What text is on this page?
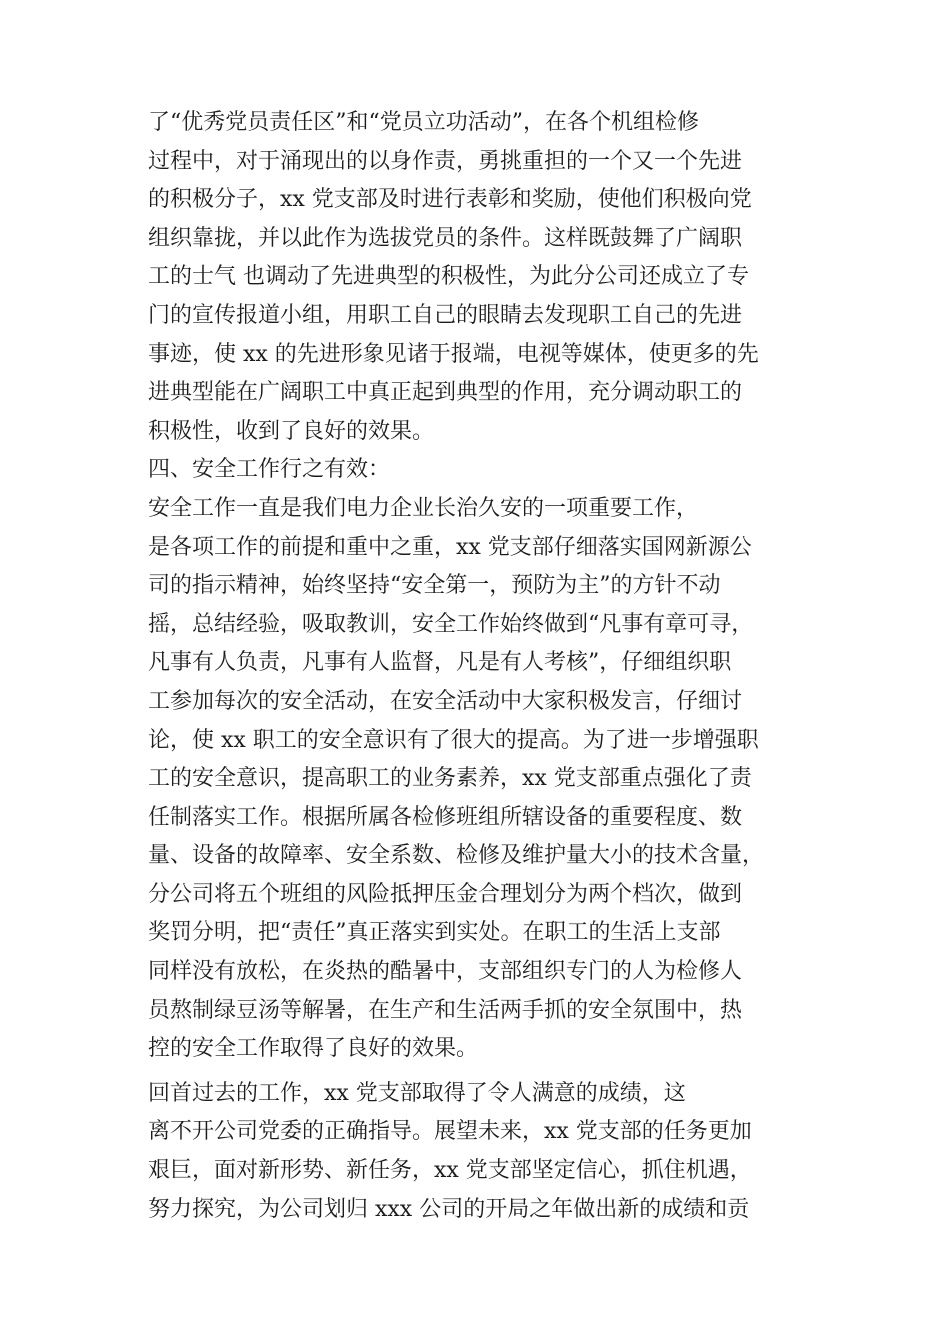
了“优秀党员责任区”和“党员立功活动”，在各个机组检修
过程中，对于涌现出的以身作责，勇挑重担的一个又一个先进
的积极分子，xx 党支部及时进行表彰和奖励，使他们积极向党
组织靠拢，并以此作为选拔党员的条件。这样既鼓舞了广阔职
工的士气 也调动了先进典型的积极性，为此分公司还成立了专
门的宣传报道小组，用职工自己的眼睛去发现职工自己的先进
事迹，使 xx 的先进形象见诸于报端，电视等媒体，使更多的先
进典型能在广阔职工中真正起到典型的作用，充分调动职工的
积极性，收到了良好的效果。
四、安全工作行之有效：
安全工作一直是我们电力企业长治久安的一项重要工作，
是各项工作的前提和重中之重，xx 党支部仔细落实国网新源公
司的指示精神，始终坚持“安全第一，预防为主”的方针不动
摇，总结经验，吸取教训，安全工作始终做到“凡事有章可寻，
凡事有人负责，凡事有人监督，凡是有人考核”，仔细组织职
工参加每次的安全活动，在安全活动中大家积极发言，仔细讨
论，使 xx 职工的安全意识有了很大的提高。为了进一步增强职
工的安全意识，提高职工的业务素养，xx 党支部重点强化了责
任制落实工作。根据所属各检修班组所辖设备的重要程度、数
量、设备的故障率、安全系数、检修及维护量大小的技术含量，
分公司将五个班组的风险抵押压金合理划分为两个档次，做到
奖罚分明，把“责任”真正落实到实处。在职工的生活上支部
同样没有放松，在炎热的酷暑中，支部组织专门的人为检修人
员熬制绿豆汤等解暑，在生产和生活两手抓的安全氛围中，热
控的安全工作取得了良好的效果。
回首过去的工作，xx 党支部取得了令人满意的成绩，这
离不开公司党委的正确指导。展望未来，xx 党支部的任务更加
艰巨，面对新形势、新任务，xx 党支部坚定信心，抓住机遇，
努力探究，为公司划归 xxx 公司的开局之年做出新的成绩和贡
